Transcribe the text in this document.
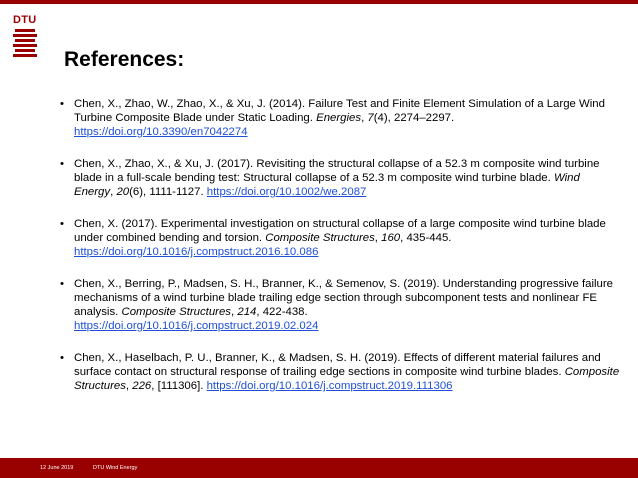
DTU
References:
• Chen, X., Zhao, W., Zhao, X., & Xu, J. (2014). Failure Test and Finite Element Simulation of a Large Wind Turbine Composite Blade under Static Loading. Energies, 7(4), 2274–2297. https://doi.org/10.3390/en7042274
• Chen, X., Zhao, X., & Xu, J. (2017). Revisiting the structural collapse of a 52.3 m composite wind turbine blade in a full-scale bending test: Structural collapse of a 52.3 m composite wind turbine blade. Wind Energy, 20(6), 1111-1127. https://doi.org/10.1002/we.2087
• Chen, X. (2017). Experimental investigation on structural collapse of a large composite wind turbine blade under combined bending and torsion. Composite Structures, 160, 435-445.
https://doi.org/10.1016/j.compstruct.2016.10.086
• Chen, X., Berring, P., Madsen, S. H., Branner, K., & Semenov, S. (2019). Understanding progressive failure mechanisms of a wind turbine blade trailing edge section through subcomponent tests and nonlinear FE analysis. Composite Structures, 214, 422-438.
https://doi.org/10.1016/j.compstruct.2019.02.024
• Chen, X., Haselbach, P. U., Branner, K., & Madsen, S. H. (2019). Effects of different material failures and surface contact on structural response of trailing edge sections in composite wind turbine blades. Composite Structures, 226, [111306]. https://doi.org/10.1016/j.compstruct.2019.111306
12 June 2019	DTU Wind Energy
